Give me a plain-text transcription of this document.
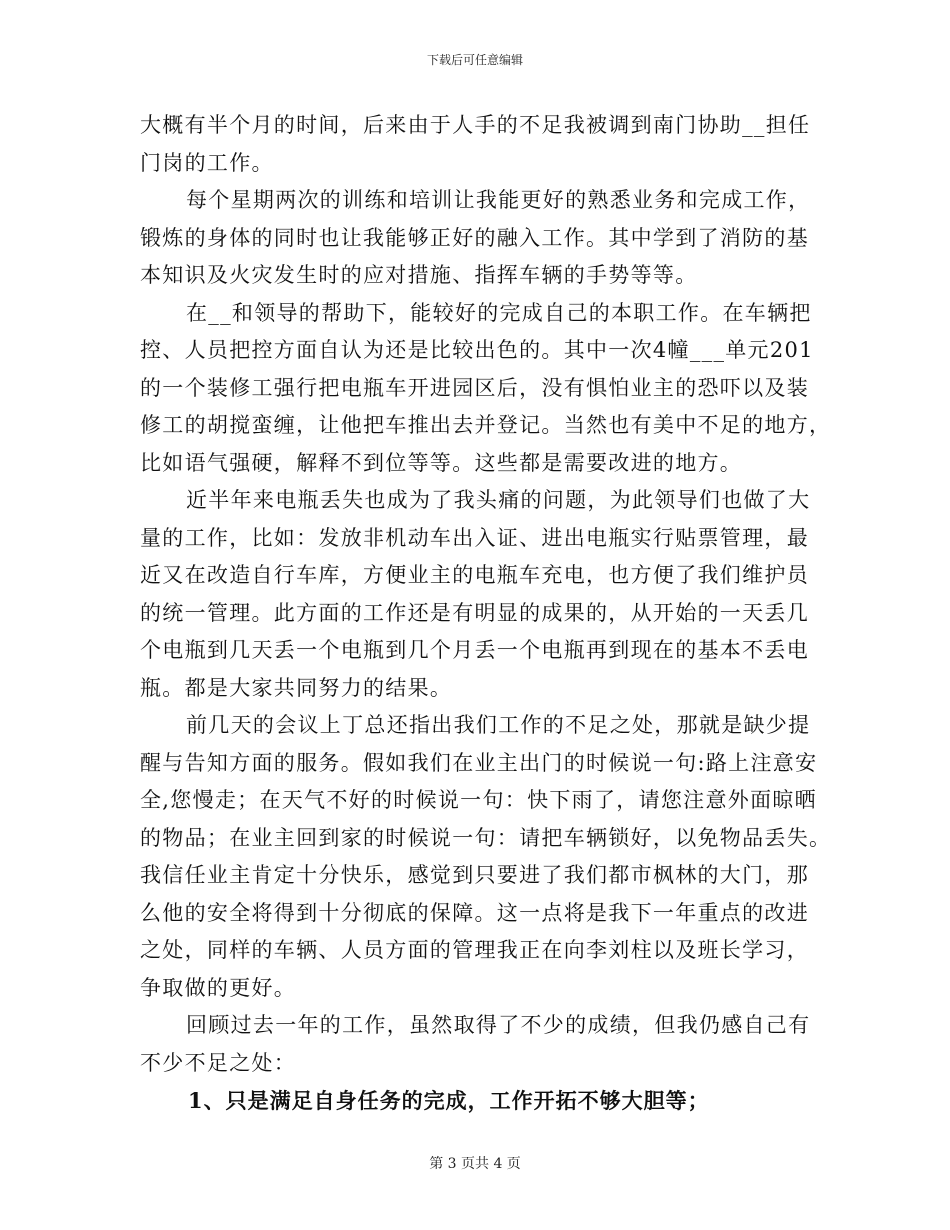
下载后可任意编辑
大概有半个月的时间，后来由于人手的不足我被调到南门协助__担任
门岗的工作。
每个星期两次的训练和培训让我能更好的熟悉业务和完成工作，
锻炼的身体的同时也让我能够正好的融入工作。其中学到了消防的基
本知识及火灾发生时的应对措施、指挥车辆的手势等等。
在__和领导的帮助下，能较好的完成自己的本职工作。在车辆把
控、人员把控方面自认为还是比较出色的。其中一次4幢___单元201
的一个装修工强行把电瓶车开进园区后，没有惧怕业主的恐吓以及装
修工的胡搅蛮缠，让他把车推出去并登记。当然也有美中不足的地方，
比如语气强硬，解释不到位等等。这些都是需要改进的地方。
近半年来电瓶丢失也成为了我头痛的问题，为此领导们也做了大
量的工作，比如：发放非机动车出入证、进出电瓶实行贴票管理，最
近又在改造自行车库，方便业主的电瓶车充电，也方便了我们维护员
的统一管理。此方面的工作还是有明显的成果的，从开始的一天丢几
个电瓶到几天丢一个电瓶到几个月丢一个电瓶再到现在的基本不丢电
瓶。都是大家共同努力的结果。
前几天的会议上丁总还指出我们工作的不足之处，那就是缺少提
醒与告知方面的服务。假如我们在业主出门的时候说一句:路上注意安
全,您慢走；在天气不好的时候说一句：快下雨了，请您注意外面晾晒
的物品；在业主回到家的时候说一句：请把车辆锁好，以免物品丢失。
我信任业主肯定十分快乐，感觉到只要进了我们都市枫林的大门，那
么他的安全将得到十分彻底的保障。这一点将是我下一年重点的改进
之处，同样的车辆、人员方面的管理我正在向李刘柱以及班长学习，
争取做的更好。
回顾过去一年的工作，虽然取得了不少的成绩，但我仍感自己有
不少不足之处：
1、只是满足自身任务的完成，工作开拓不够大胆等；
第 3 页共 4 页
